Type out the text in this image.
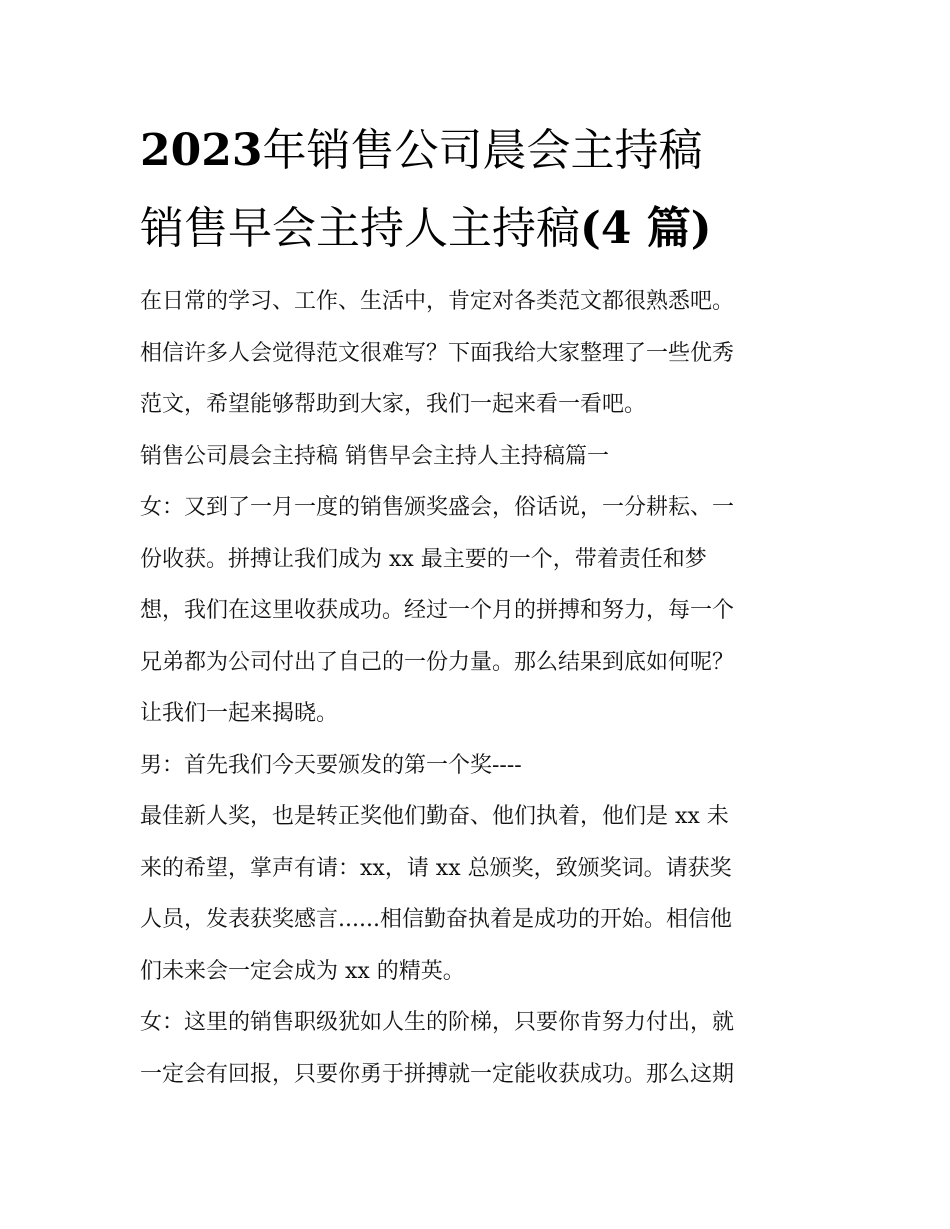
2023年销售公司晨会主持稿
销售早会主持人主持稿(4 篇)
在日常的学习、工作、生活中，肯定对各类范文都很熟悉吧。
相信许多人会觉得范文很难写？下面我给大家整理了一些优秀
范文，希望能够帮助到大家，我们一起来看一看吧。
销售公司晨会主持稿 销售早会主持人主持稿篇一
女：又到了一月一度的销售颁奖盛会，俗话说，一分耕耘、一
份收获。拼搏让我们成为 xx 最主要的一个，带着责任和梦
想，我们在这里收获成功。经过一个月的拼搏和努力，每一个
兄弟都为公司付出了自己的一份力量。那么结果到底如何呢？
让我们一起来揭晓。
男：首先我们今天要颁发的第一个奖----
最佳新人奖，也是转正奖他们勤奋、他们执着，他们是 xx 未
来的希望，掌声有请：xx，请 xx 总颁奖，致颁奖词。请获奖
人员，发表获奖感言......相信勤奋执着是成功的开始。相信他
们未来会一定会成为 xx 的精英。
女：这里的销售职级犹如人生的阶梯，只要你肯努力付出，就
一定会有回报，只要你勇于拼搏就一定能收获成功。那么这期
